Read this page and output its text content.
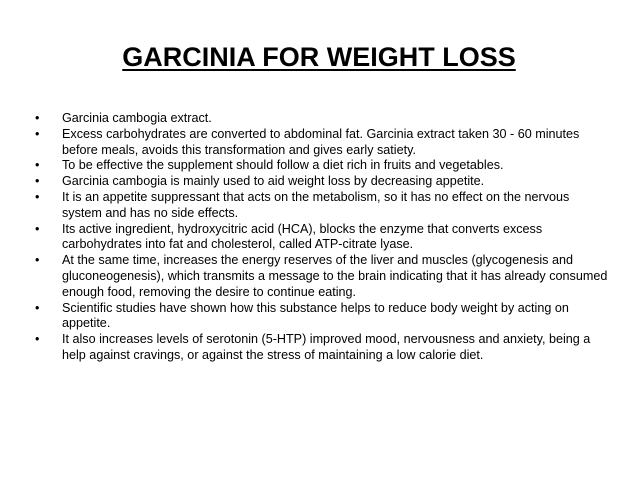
GARCINIA FOR WEIGHT LOSS
• Garcinia cambogia extract.
• Excess carbohydrates are converted to abdominal fat. Garcinia extract taken 30 - 60 minutes before meals, avoids this transformation and gives early satiety.
• To be effective the supplement should follow a diet rich in fruits and vegetables.
• Garcinia cambogia is mainly used to aid weight loss by decreasing appetite.
• It is an appetite suppressant that acts on the metabolism, so it has no effect on the nervous system and has no side effects.
• Its active ingredient, hydroxycitric acid (HCA), blocks the enzyme that converts excess carbohydrates into fat and cholesterol, called ATP-citrate lyase.
• At the same time, increases the energy reserves of the liver and muscles (glycogenesis and gluconeogenesis), which transmits a message to the brain indicating that it has already consumed enough food, removing the desire to continue eating.
• Scientific studies have shown how this substance helps to reduce body weight by acting on appetite.
• It also increases levels of serotonin (5-HTP) improved mood, nervousness and anxiety, being a help against cravings, or against the stress of maintaining a low calorie diet.
